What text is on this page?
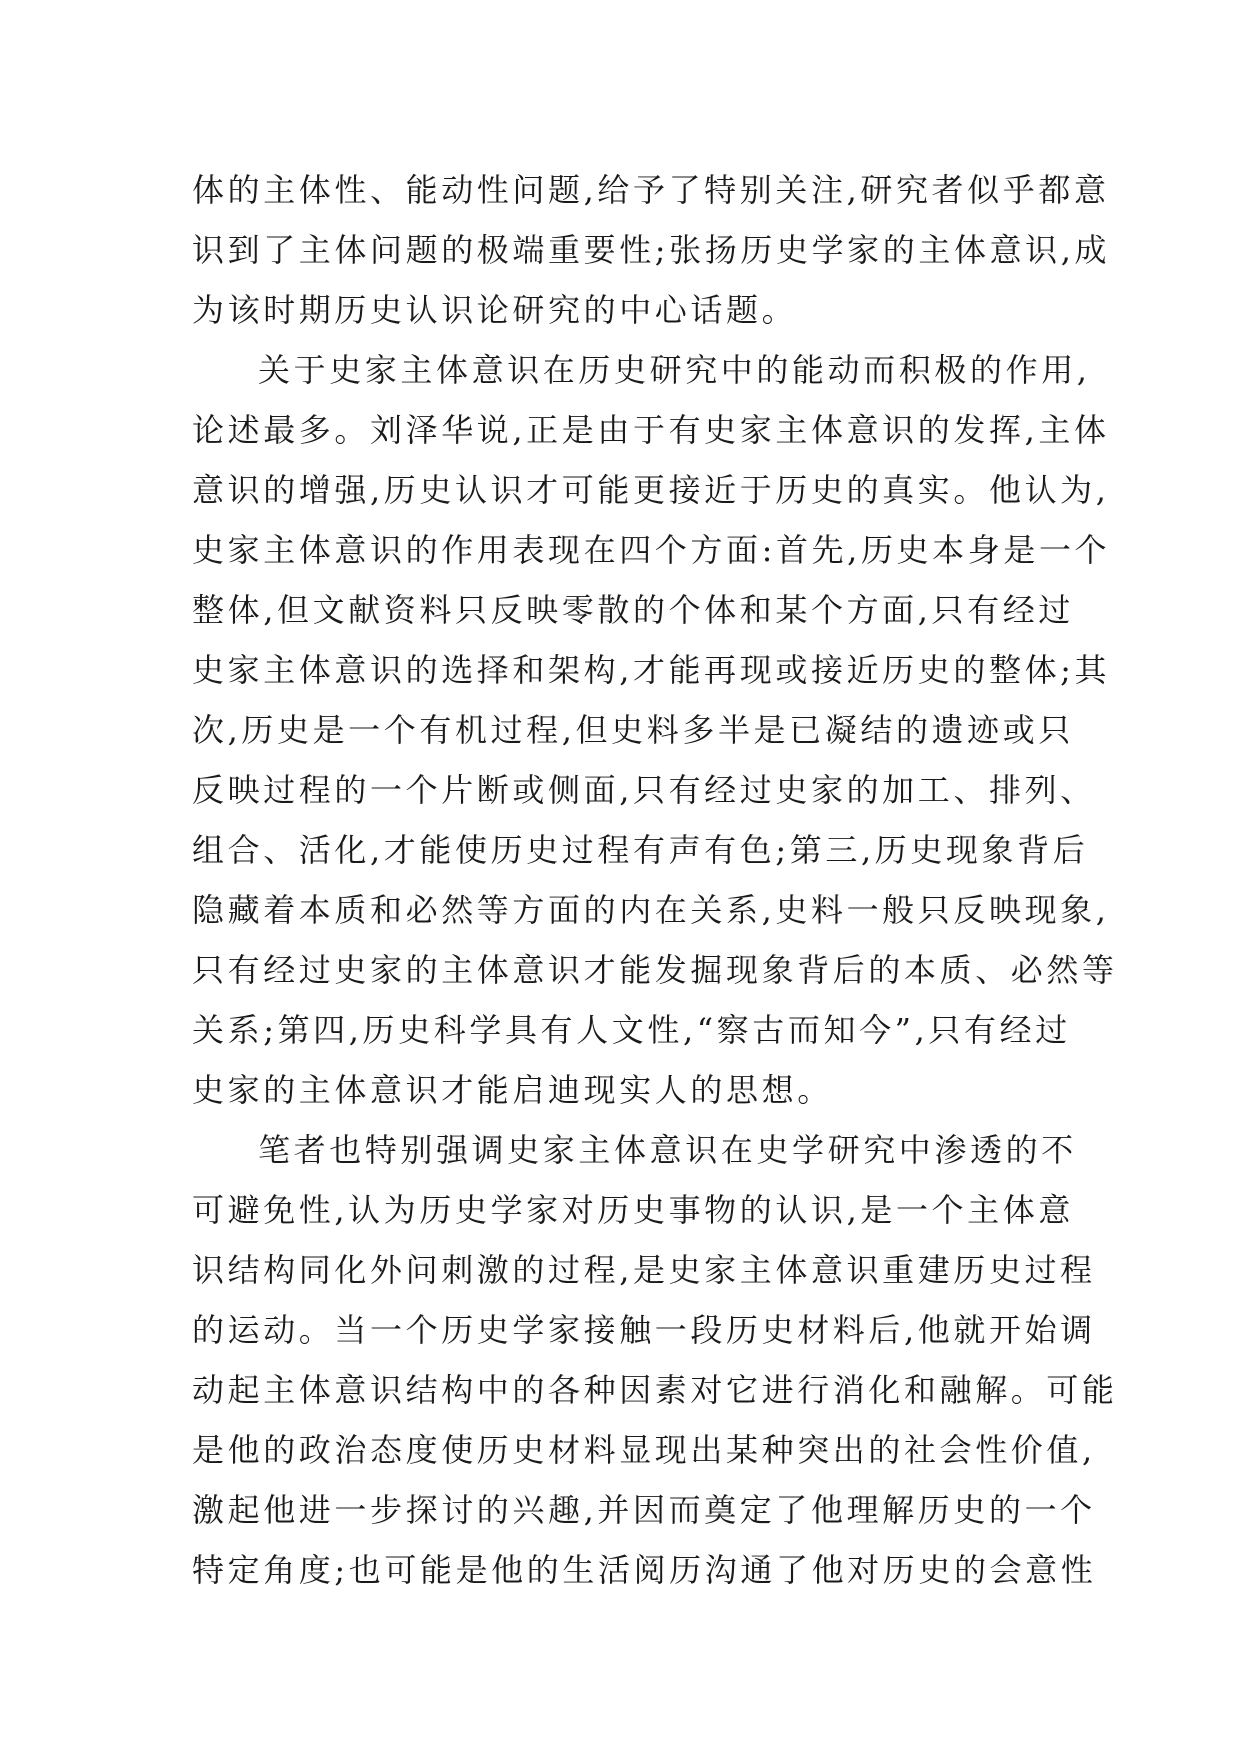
体的主体性、能动性问题,给予了特别关注,研究者似乎都意
识到了主体问题的极端重要性;张扬历史学家的主体意识,成
为该时期历史认识论研究的中心话题。
关于史家主体意识在历史研究中的能动而积极的作用,
论述最多。刘泽华说,正是由于有史家主体意识的发挥,主体
意识的增强,历史认识才可能更接近于历史的真实。他认为,
史家主体意识的作用表现在四个方面:首先,历史本身是一个
整体,但文献资料只反映零散的个体和某个方面,只有经过
史家主体意识的选择和架构,才能再现或接近历史的整体;其
次,历史是一个有机过程,但史料多半是已凝结的遗迹或只
反映过程的一个片断或侧面,只有经过史家的加工、排列、
组合、活化,才能使历史过程有声有色;第三,历史现象背后
隐藏着本质和必然等方面的内在关系,史料一般只反映现象,
只有经过史家的主体意识才能发掘现象背后的本质、必然等
关系;第四,历史科学具有人文性,“察古而知今”,只有经过
史家的主体意识才能启迪现实人的思想。
笔者也特别强调史家主体意识在史学研究中渗透的不
可避免性,认为历史学家对历史事物的认识,是一个主体意
识结构同化外问刺激的过程,是史家主体意识重建历史过程
的运动。当一个历史学家接触一段历史材料后,他就开始调
动起主体意识结构中的各种因素对它进行消化和融解。可能
是他的政治态度使历史材料显现出某种突出的社会性价值,
激起他进一步探讨的兴趣,并因而奠定了他理解历史的一个
特定角度;也可能是他的生活阅历沟通了他对历史的会意性
